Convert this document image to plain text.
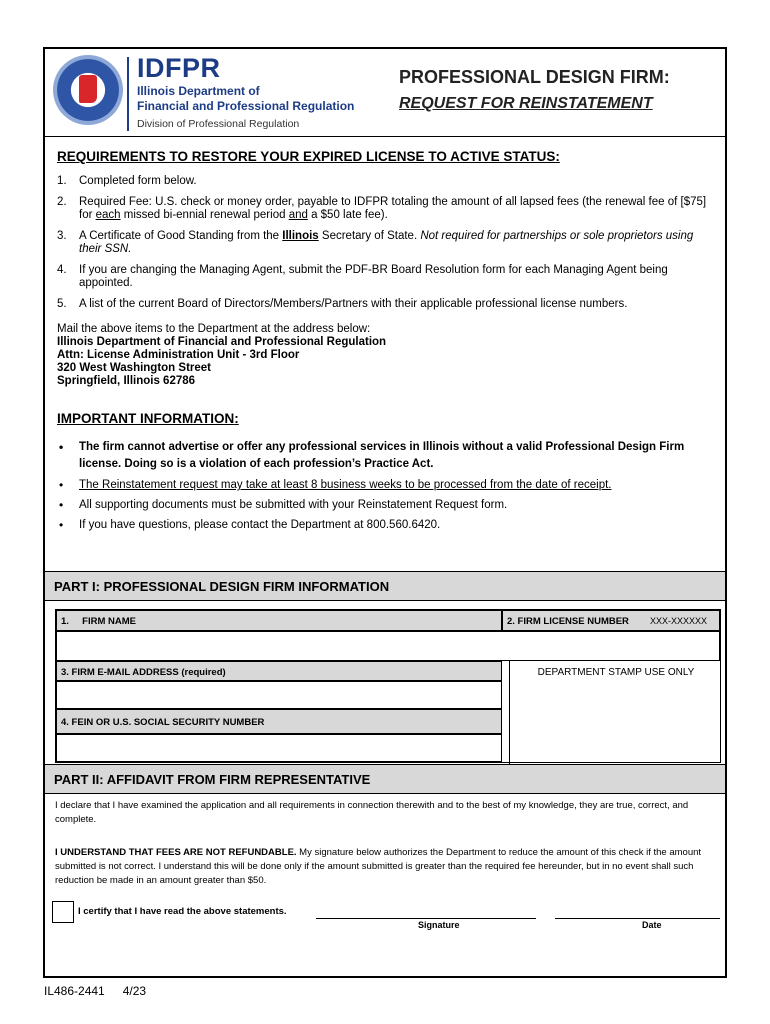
IDFPR
Illinois Department of
Financial and Professional Regulation
Division of Professional Regulation
PROFESSIONAL DESIGN FIRM:
REQUEST FOR REINSTATEMENT
REQUIREMENTS TO RESTORE YOUR EXPIRED LICENSE TO ACTIVE STATUS:
1. Completed form below.
2. Required Fee: U.S. check or money order, payable to IDFPR totaling the amount of all lapsed fees (the renewal fee of [$75] for each missed bi-ennial renewal period and a $50 late fee).
3. A Certificate of Good Standing from the Illinois Secretary of State. Not required for partnerships or sole proprietors using their SSN.
4. If you are changing the Managing Agent, submit the PDF-BR Board Resolution form for each Managing Agent being appointed.
5. A list of the current Board of Directors/Members/Partners with their applicable professional license numbers.
Mail the above items to the Department at the address below:
Illinois Department of Financial and Professional Regulation
Attn: License Administration Unit - 3rd Floor
320 West Washington Street
Springfield, Illinois 62786
IMPORTANT INFORMATION:
• The firm cannot advertise or offer any professional services in Illinois without a valid Professional Design Firm license. Doing so is a violation of each profession’s Practice Act.
• The Reinstatement request may take at least 8 business weeks to be processed from the date of receipt.
• All supporting documents must be submitted with your Reinstatement Request form.
• If you have questions, please contact the Department at 800.560.6420.
PART I: PROFESSIONAL DESIGN FIRM INFORMATION
1. FIRM NAME	2. FIRM LICENSE NUMBER XXX-XXXXXX
3. FIRM E-MAIL ADDRESS (required)
4. FEIN OR U.S. SOCIAL SECURITY NUMBER
DEPARTMENT STAMP USE ONLY
PART II: AFFIDAVIT FROM FIRM REPRESENTATIVE
I declare that I have examined the application and all requirements in connection therewith and to the best of my knowledge, they are true, correct, and complete.
I UNDERSTAND THAT FEES ARE NOT REFUNDABLE. My signature below authorizes the Department to reduce the amount of this check if the amount submitted is not correct. I understand this will be done only if the amount submitted is greater than the required fee hereunder, but in no event shall such reduction be made in an amount greater than $50.
I certify that I have read the above statements.
Signature	Date
IL486-2441 4/23
